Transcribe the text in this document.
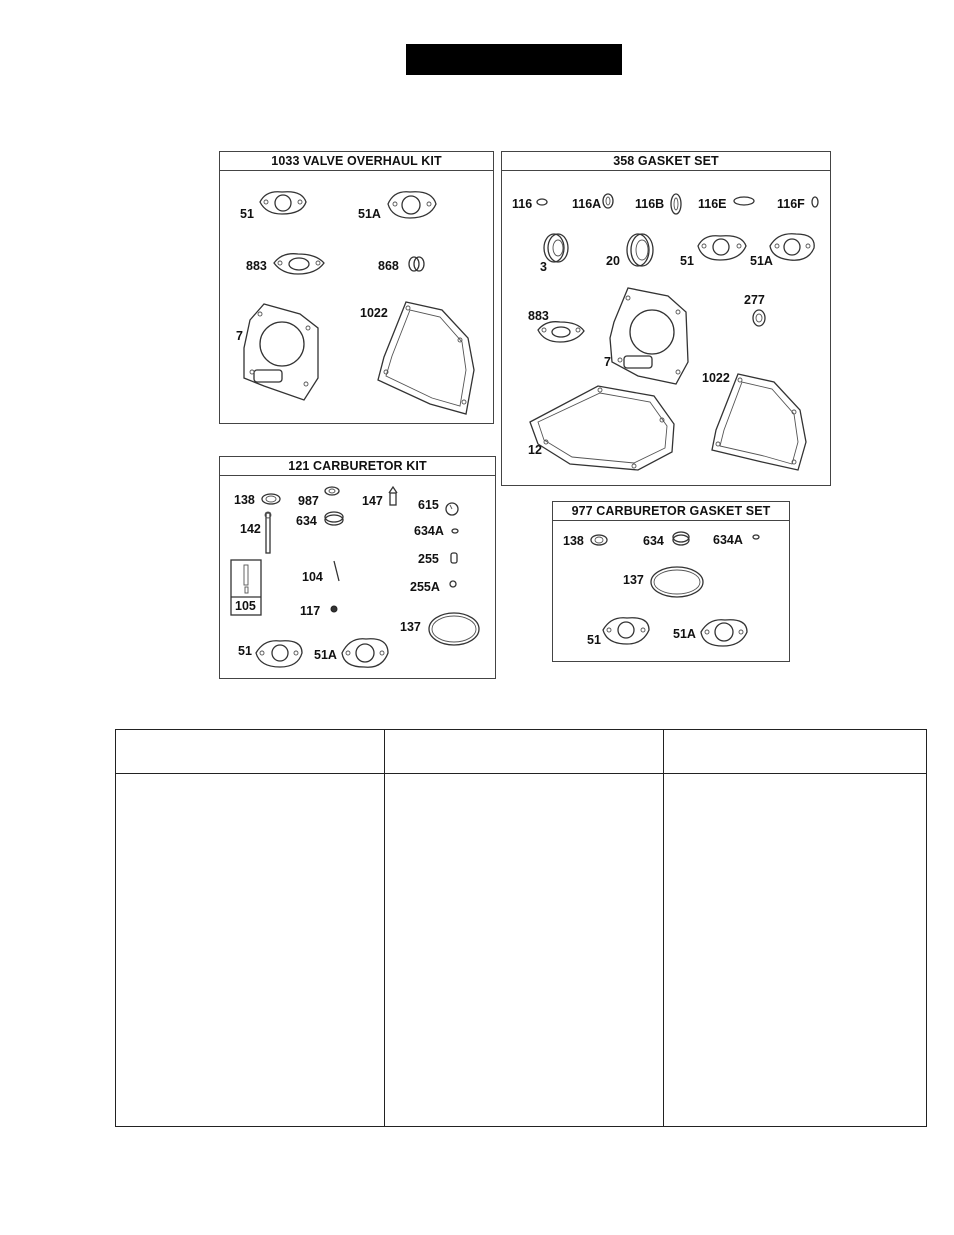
1033 VALVE OVERHAUL KIT
51	51A
883	868
7
1022
358 GASKET SET
116	116A	116B	116E	116F
3	20	51	51A
883
277
7
1022
12
121 CARBURETOR KIT
138	987	147	615
634
142	634A
255
104
255A
105	117
137
51	51A
977 CARBURETOR GASKET SET
138	634	634A
137
51	51A
